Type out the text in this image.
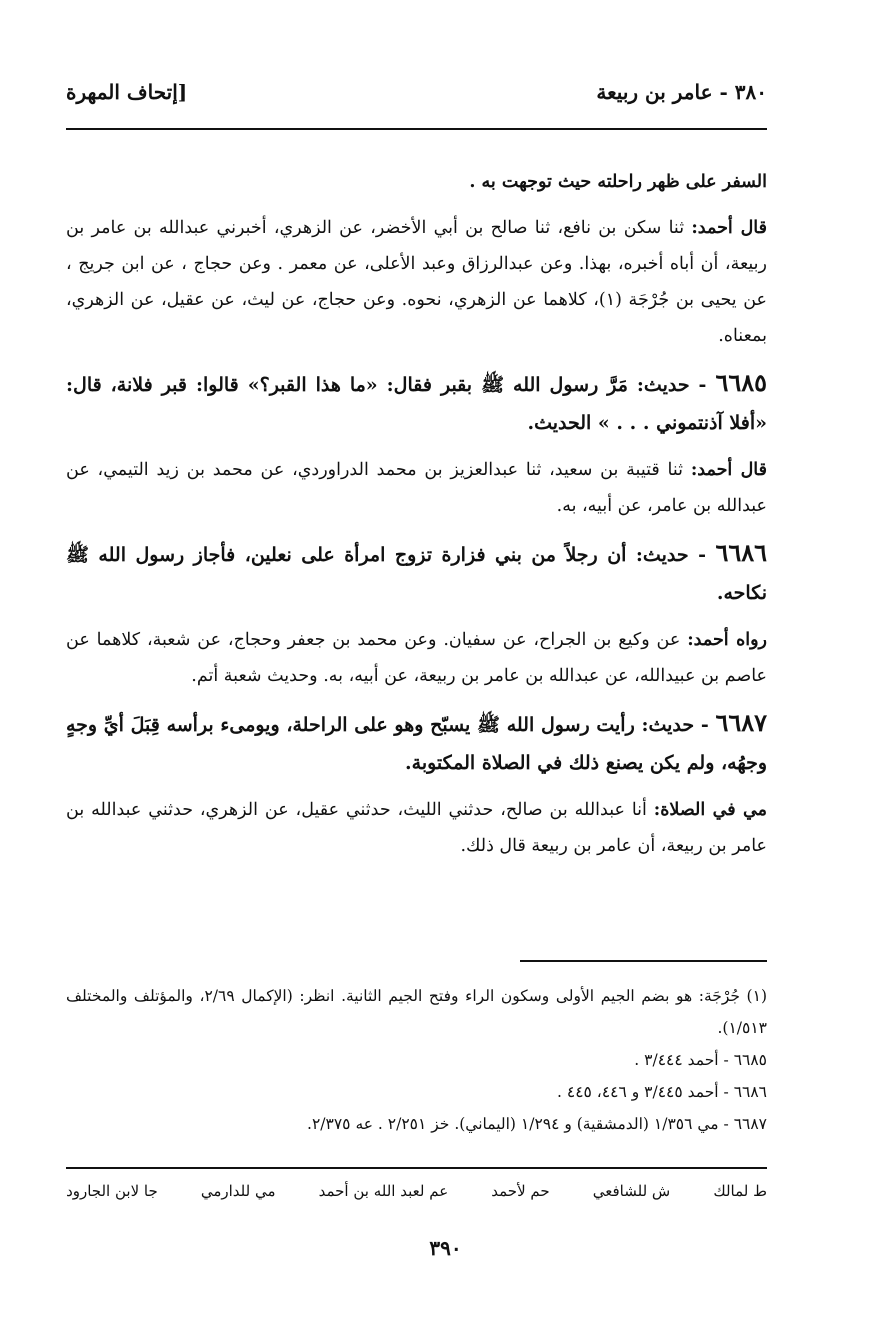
٣٨٠ - عامر بن ربيعة
[إتحاف المهرة

السفر على ظهر راحلته حيث توجهت به .

قال أحمد: ثنا سكن بن نافع، ثنا صالح بن أبي الأخضر، عن الزهري، أخبرني عبدالله بن عامر بن ربيعة، أن أباه أخبره، بهذا. وعن عبدالرزاق وعبد الأعلى، عن معمر . وعن حجاج ، عن ابن جريج ، عن يحيى بن جُرْجَة (١)، كلاهما عن الزهري، نحوه. وعن حجاج، عن ليث، عن عقيل، عن الزهري، بمعناه.

٦٦٨٥ - حديث: مَرَّ رسول الله ﷺ بقبر فقال: «ما هذا القبر؟» قالوا: قبر فلانة، قال: «أفلا آذنتموني . . . » الحديث.

قال أحمد: ثنا قتيبة بن سعيد، ثنا عبدالعزيز بن محمد الدراوردي، عن محمد بن زيد التيمي، عن عبدالله بن عامر، عن أبيه، به.

٦٦٨٦ - حديث: أن رجلاً من بني فزارة تزوج امرأة على نعلين، فأجاز رسول الله ﷺ نكاحه.

رواه أحمد: عن وكيع بن الجراح، عن سفيان. وعن محمد بن جعفر وحجاج، عن شعبة، كلاهما عن عاصم بن عبيدالله، عن عبدالله بن عامر بن ربيعة، عن أبيه، به. وحديث شعبة أتم.

٦٦٨٧ - حديث: رأيت رسول الله ﷺ يسبّح وهو على الراحلة، ويومىء برأسه قِبَلَ أيِّ وجهٍ وجهُه، ولم يكن يصنع ذلك في الصلاة المكتوبة.

مي في الصلاة: أنا عبدالله بن صالح، حدثني الليث، حدثني عقيل، عن الزهري، حدثني عبدالله بن عامر بن ربيعة، أن عامر بن ربيعة قال ذلك.

(١) جُرْجَة: هو بضم الجيم الأولى وسكون الراء وفتح الجيم الثانية. انظر: (الإكمال ٢/٦٩، والمؤتلف والمختلف ١/٥١٣).

٦٦٨٥ - أحمد ٣/٤٤٤ .

٦٦٨٦ - أحمد ٣/٤٤٥ و ٤٤٦، ٤٤٥ .

٦٦٨٧ - مي ١/٣٥٦ (الدمشقية) و ١/٢٩٤ (اليماني). خز ٢/٢٥١ . عه ٢/٣٧٥.

ط لمالك
ش للشافعي
حم لأحمد
عم لعبد الله بن أحمد
مي للدارمي
جا لابن الجارود
٣٩٠
